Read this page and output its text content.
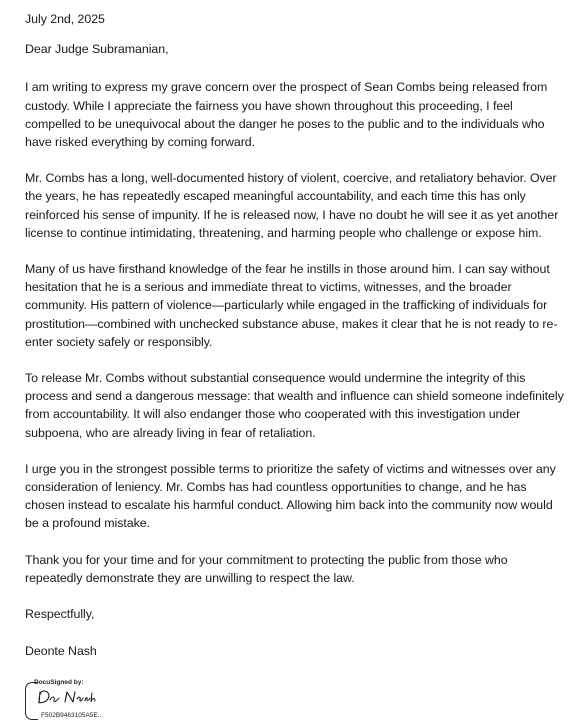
July 2nd, 2025

Dear Judge Subramanian,

I am writing to express my grave concern over the prospect of Sean Combs being released from custody. While I appreciate the fairness you have shown throughout this proceeding, I feel compelled to be unequivocal about the danger he poses to the public and to the individuals who have risked everything by coming forward.

Mr. Combs has a long, well-documented history of violent, coercive, and retaliatory behavior. Over the years, he has repeatedly escaped meaningful accountability, and each time this has only reinforced his sense of impunity. If he is released now, I have no doubt he will see it as yet another license to continue intimidating, threatening, and harming people who challenge or expose him.

Many of us have firsthand knowledge of the fear he instills in those around him. I can say without hesitation that he is a serious and immediate threat to victims, witnesses, and the broader community. His pattern of violence—particularly while engaged in the trafficking of individuals for prostitution—combined with unchecked substance abuse, makes it clear that he is not ready to re-enter society safely or responsibly.

To release Mr. Combs without substantial consequence would undermine the integrity of this process and send a dangerous message: that wealth and influence can shield someone indefinitely from accountability. It will also endanger those who cooperated with this investigation under subpoena, who are already living in fear of retaliation.

I urge you in the strongest possible terms to prioritize the safety of victims and witnesses over any consideration of leniency. Mr. Combs has had countless opportunities to change, and he has chosen instead to escalate his harmful conduct. Allowing him back into the community now would be a profound mistake.

Thank you for your time and for your commitment to protecting the public from those who repeatedly demonstrate they are unwilling to respect the law.

Respectfully,

Deonte Nash

DocuSigned by:
F502B9463105A5E...
